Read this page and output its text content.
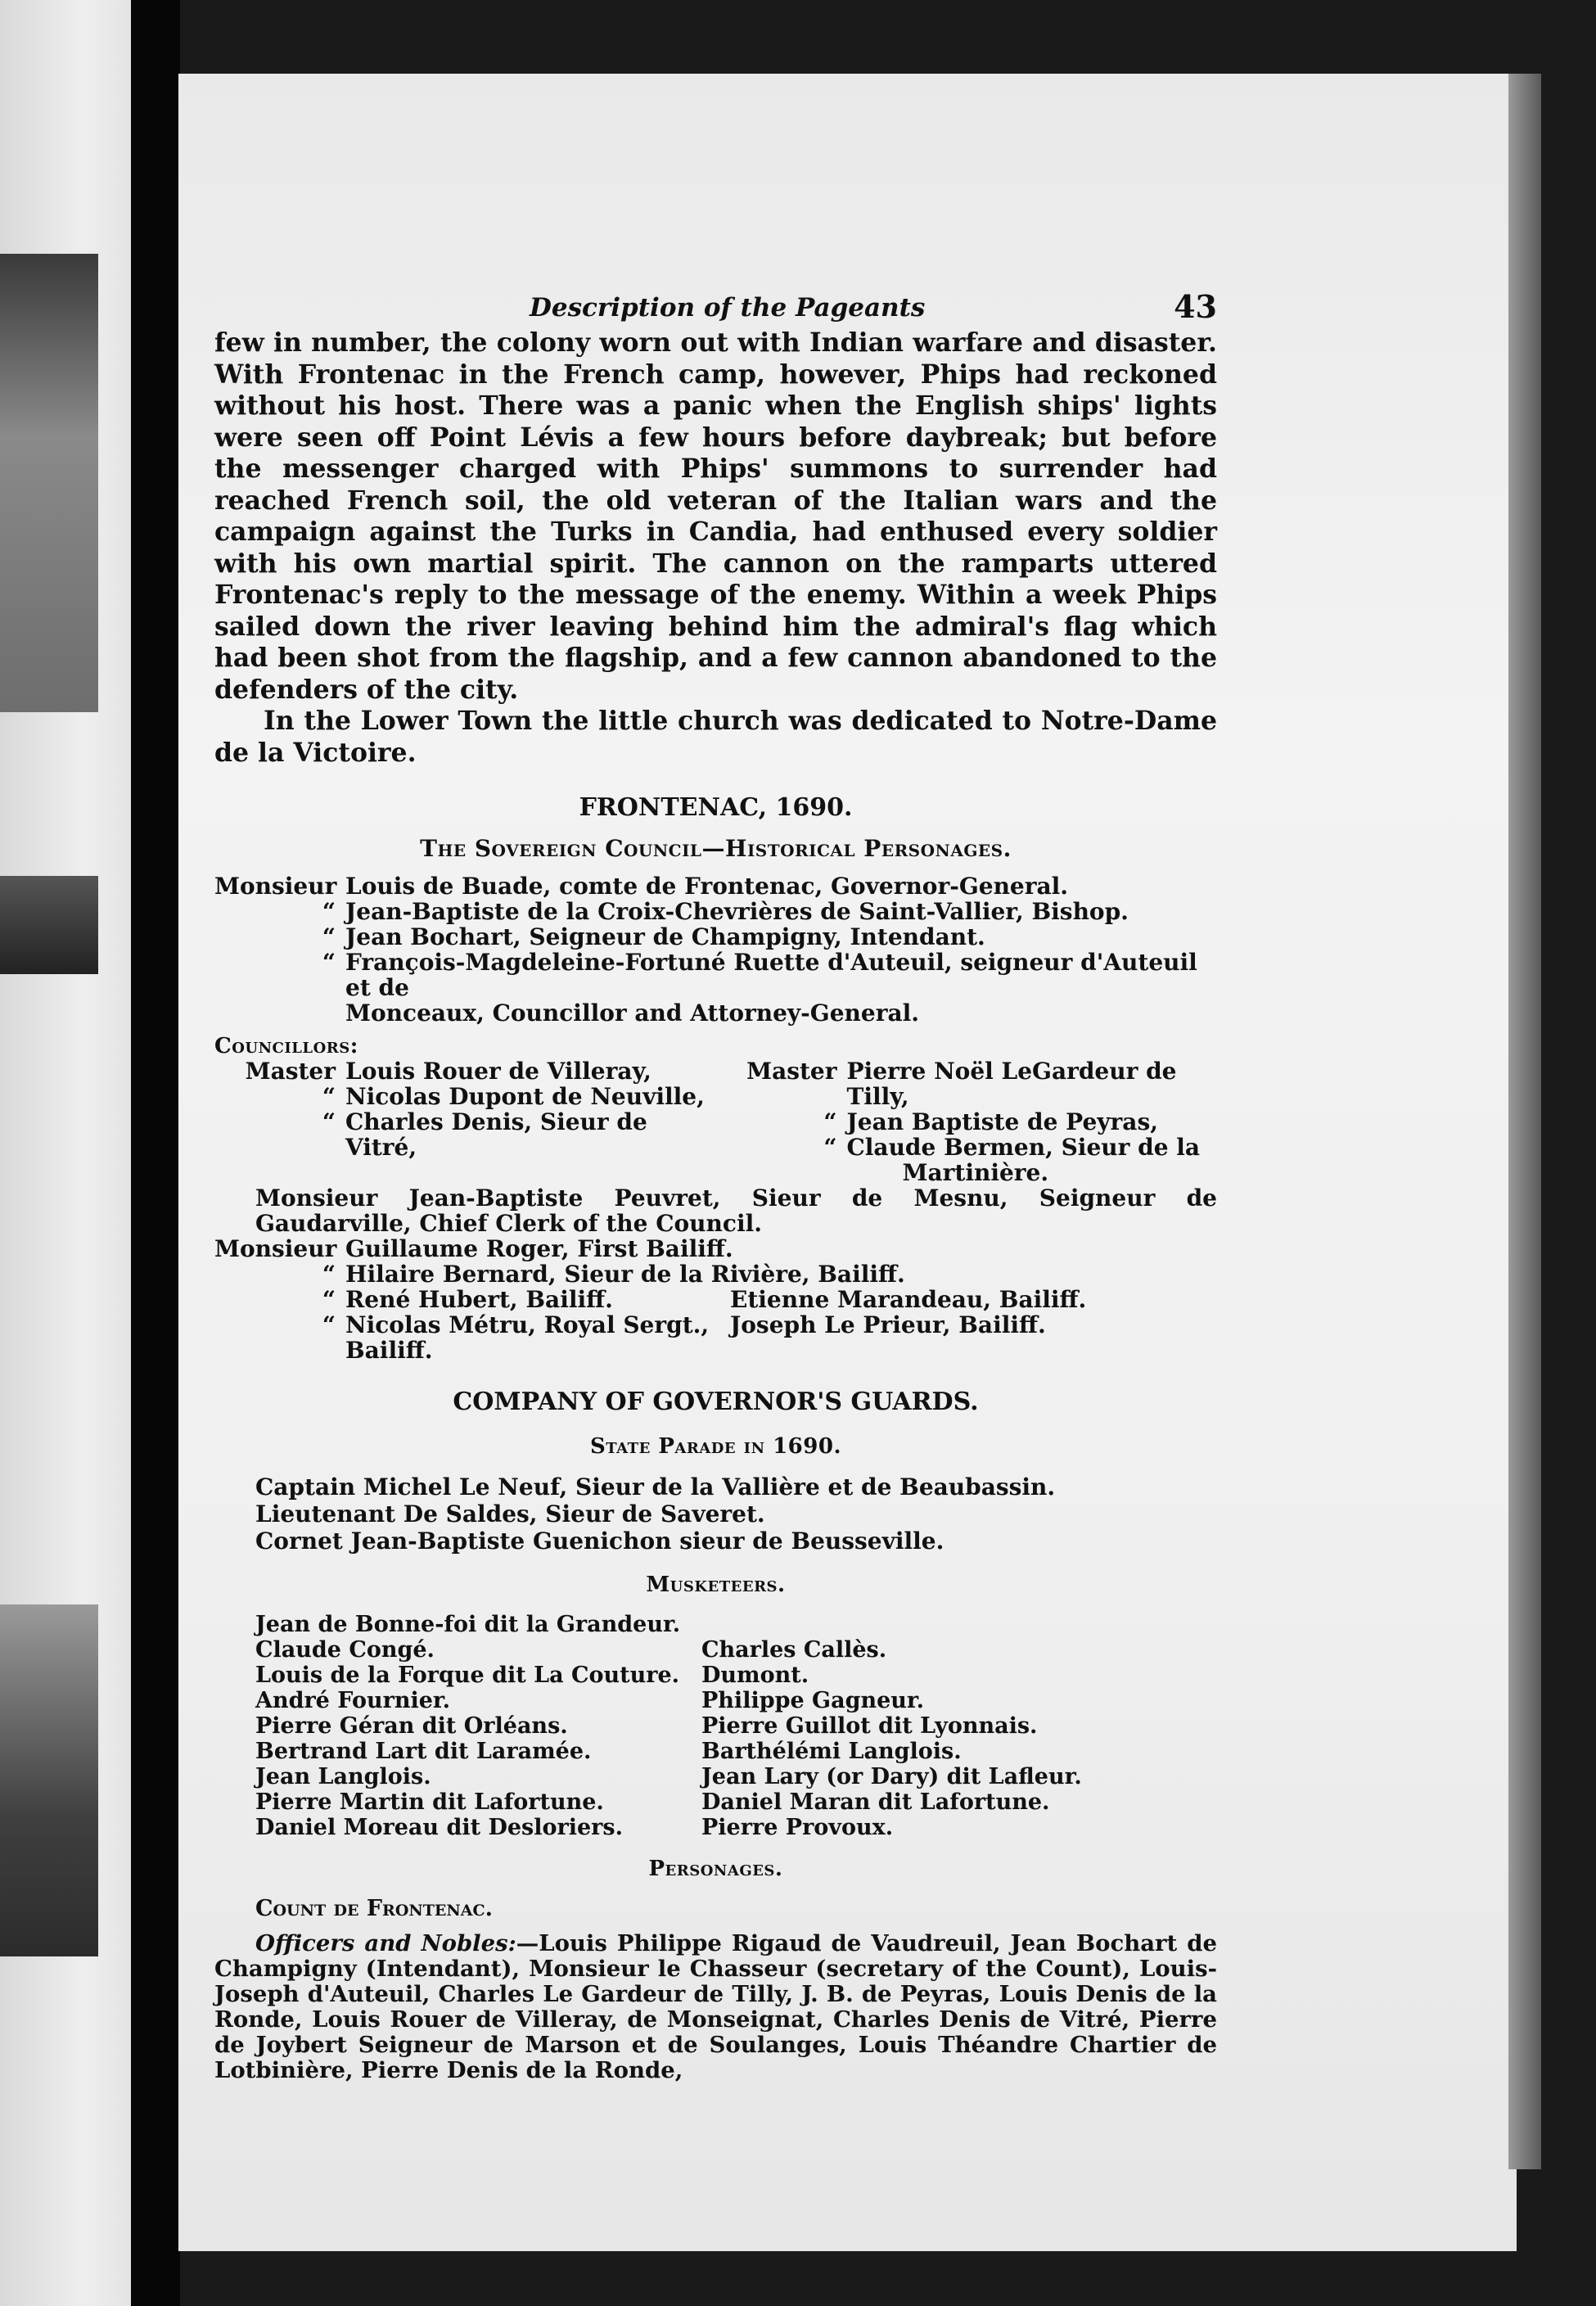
Description of the Pageants	43

few in number, the colony worn out with Indian warfare and disaster. With Frontenac in the French camp, however, Phips had reckoned without his host. There was a panic when the English ships' lights were seen off Point Lévis a few hours before daybreak; but before the messenger charged with Phips' summons to surrender had reached French soil, the old veteran of the Italian wars and the campaign against the Turks in Candia, had enthused every soldier with his own martial spirit. The cannon on the ramparts uttered Frontenac's reply to the message of the enemy. Within a week Phips sailed down the river leaving behind him the admiral's flag which had been shot from the flagship, and a few cannon abandoned to the defenders of the city.

In the Lower Town the little church was dedicated to Notre-Dame de la Victoire.

FRONTENAC, 1690.
The Sovereign Council—Historical Personages.
Monsieur Louis de Buade, comte de Frontenac, Governor-General.
“ Jean-Baptiste de la Croix-Chevrières de Saint-Vallier, Bishop.
“ Jean Bochart, Seigneur de Champigny, Intendant.
“ François-Magdeleine-Fortuné Ruette d'Auteuil, seigneur d'Auteuil et de
Monceaux, Councillor and Attorney-General.
Councillors:
Master Louis Rouer de Villeray,
“ Nicolas Dupont de Neuville,
“ Charles Denis, Sieur de Vitré,
Master Pierre Noël LeGardeur de Tilly,
“ Jean Baptiste de Peyras,
“ Claude Bermen, Sieur de la
Martinière.
Monsieur Jean-Baptiste Peuvret, Sieur de Mesnu, Seigneur de Gaudarville, Chief Clerk of the Council.
Monsieur Guillaume Roger, First Bailiff.
“ Hilaire Bernard, Sieur de la Rivière, Bailiff.
“ René Hubert, Bailiff.	Etienne Marandeau, Bailiff.
“ Nicolas Métru, Royal Sergt., Bailiff.
Joseph Le Prieur, Bailiff.
COMPANY OF GOVERNOR'S GUARDS.
State Parade in 1690.
Captain Michel Le Neuf, Sieur de la Vallière et de Beaubassin.
Lieutenant De Saldes, Sieur de Saveret.
Cornet Jean-Baptiste Guenichon sieur de Beusseville.
Musketeers.
Jean de Bonne-foi dit la Grandeur.
Claude Congé.
Louis de la Forque dit La Couture.
André Fournier.
Pierre Géran dit Orléans.
Bertrand Lart dit Laramée.
Jean Langlois.
Pierre Martin dit Lafortune.
Daniel Moreau dit Desloriers.
Charles Callès.
Dumont.
Philippe Gagneur.
Pierre Guillot dit Lyonnais.
Barthélémi Langlois.
Jean Lary (or Dary) dit Lafleur.
Daniel Maran dit Lafortune.
Pierre Provoux.
Personages.
Count de Frontenac.

Officers and Nobles:—Louis Philippe Rigaud de Vaudreuil, Jean Bochart de Champigny (Intendant), Monsieur le Chasseur (secretary of the Count), Louis-Joseph d'Auteuil, Charles Le Gardeur de Tilly, J. B. de Peyras, Louis Denis de la Ronde, Louis Rouer de Villeray, de Monseignat, Charles Denis de Vitré, Pierre de Joybert Seigneur de Marson et de Soulanges, Louis Théandre Chartier de Lotbinière, Pierre Denis de la Ronde,
